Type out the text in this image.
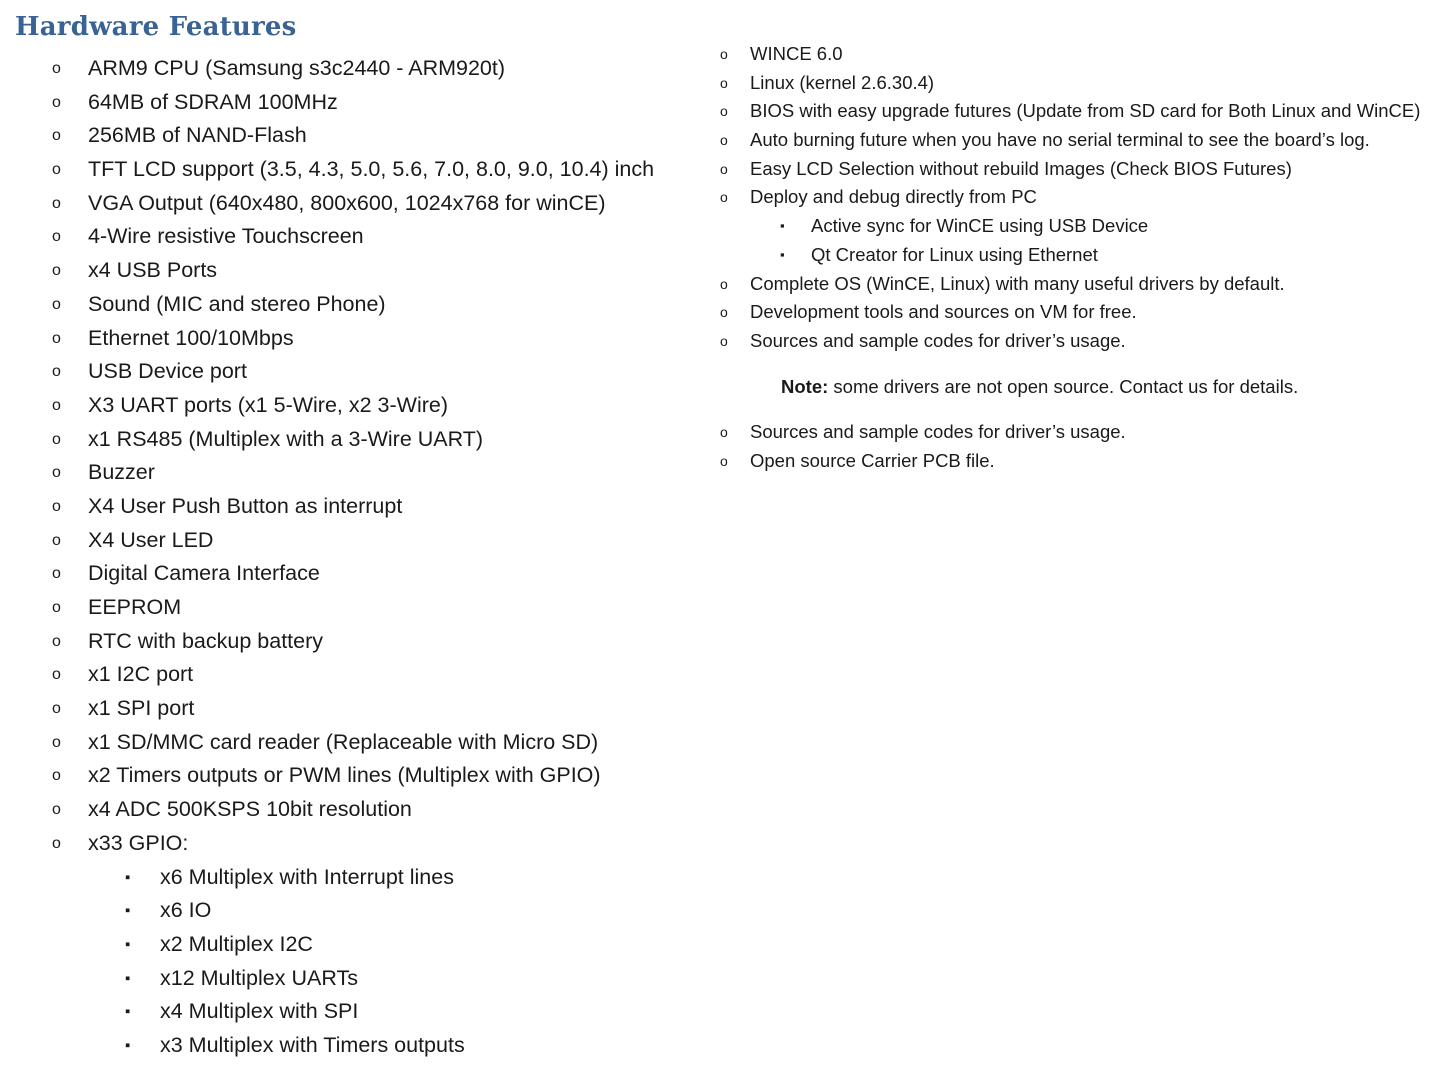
Hardware Features
o ARM9 CPU (Samsung s3c2440 - ARM920t)
o 64MB of SDRAM 100MHz
o 256MB of NAND-Flash
o TFT LCD support (3.5, 4.3, 5.0, 5.6, 7.0, 8.0, 9.0, 10.4) inch
o VGA Output (640x480, 800x600, 1024x768 for winCE)
o 4-Wire resistive Touchscreen
o x4 USB Ports
o Sound (MIC and stereo Phone)
o Ethernet 100/10Mbps
o USB Device port
o X3 UART ports (x1 5-Wire, x2 3-Wire)
o x1 RS485 (Multiplex with a 3-Wire UART)
o Buzzer
o X4 User Push Button as interrupt
o X4 User LED
o Digital Camera Interface
o EEPROM
o RTC with backup battery
o x1 I2C port
o x1 SPI port
o x1 SD/MMC card reader (Replaceable with Micro SD)
o x2 Timers outputs or PWM lines (Multiplex with GPIO)
o x4 ADC 500KSPS 10bit resolution
o x33 GPIO:
▪ x6 Multiplex with Interrupt lines
▪ x6 IO
▪ x2 Multiplex I2C
▪ x12 Multiplex UARTs
▪ x4 Multiplex with SPI
▪ x3 Multiplex with Timers outputs
o WINCE 6.0
o Linux (kernel 2.6.30.4)
o BIOS with easy upgrade futures (Update from SD card for Both Linux and WinCE)
o Auto burning future when you have no serial terminal to see the board’s log.
o Easy LCD Selection without rebuild Images (Check BIOS Futures)
o Deploy and debug directly from PC
▪ Active sync for WinCE using USB Device
▪ Qt Creator for Linux using Ethernet
o Complete OS (WinCE, Linux) with many useful drivers by default.
o Development tools and sources on VM for free.
o Sources and sample codes for driver’s usage.
Note: some drivers are not open source. Contact us for details.
o Sources and sample codes for driver’s usage.
o Open source Carrier PCB file.
